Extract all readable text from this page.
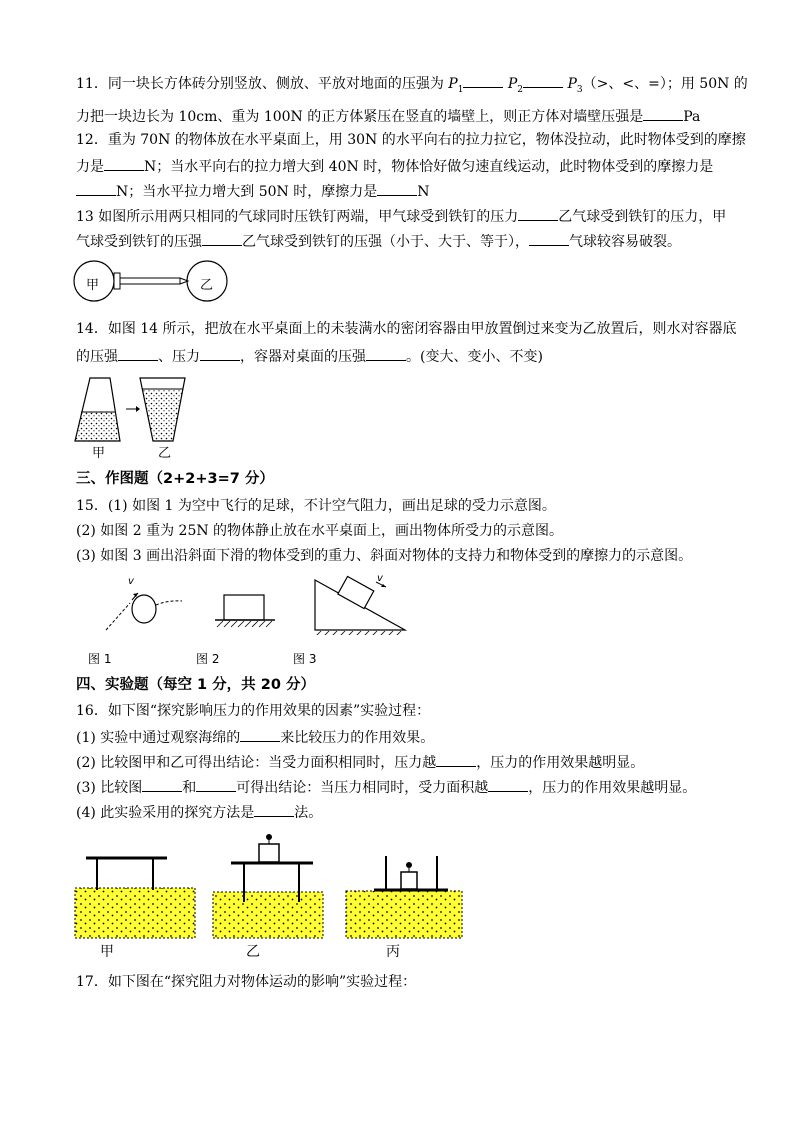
11．同一块长方体砖分别竖放、侧放、平放对地面的压强为 $P_1$	$P_2$	$P_3(>$、<、=）；用 50N 的
力把一块边长为 10cm、重为 100N 的正方体紧压在竖直的墙壁上，则正方体对墙壁压强是	Pa
12．重为 70N 的物体放在水平桌面上，用 30N 的水平向右的拉力拉它，物体没拉动，此时物体受到的摩擦
力是	N；当水平向右的拉力增大到 40N 时，物体恰好做匀速直线运动，此时物体受到的摩擦力是
N；当水平拉力增大到 50N 时，摩擦力是	N
13 如图所示用两只相同的气球同时压铁钉两端，甲气球受到铁钉的压力	乙气球受到铁钉的压力，甲
气球受到铁钉的压强	乙气球受到铁钉的压强（小于、大于、等于），	气球较容易破裂。
甲	乙
14．如图 14 所示，把放在水平桌面上的未装满水的密闭容器由甲放置倒过来变为乙放置后，则水对容器底
的压强	、压力	，容器对桌面的压强	。(变大、变小、不变)
甲	乙
三、作图题（2+2+3=7 分）
15．(1) 如图 1 为空中飞行的足球，不计空气阻力，画出足球的受力示意图。
(2) 如图 2 重为 25N 的物体静止放在水平桌面上，画出物体所受力的示意图。
(3) 如图 3 画出沿斜面下滑的物体受到的重力、斜面对物体的支持力和物体受到的摩擦力的示意图。
v	v
图 1	图 2	图 3
四、实验题（每空 1 分，共 20 分）
16．如下图“探究影响压力的作用效果的因素”实验过程：
(1) 实验中通过观察海绵的	来比较压力的作用效果。
(2) 比较图甲和乙可得出结论：当受力面积相同时，压力越	，压力的作用效果越明显。
(3) 比较图	和	可得出结论：当压力相同时，受力面积越	，压力的作用效果越明显。
(4) 此实验采用的探究方法是	法。
甲	乙	丙
17．如下图在“探究阻力对物体运动的影响”实验过程：
